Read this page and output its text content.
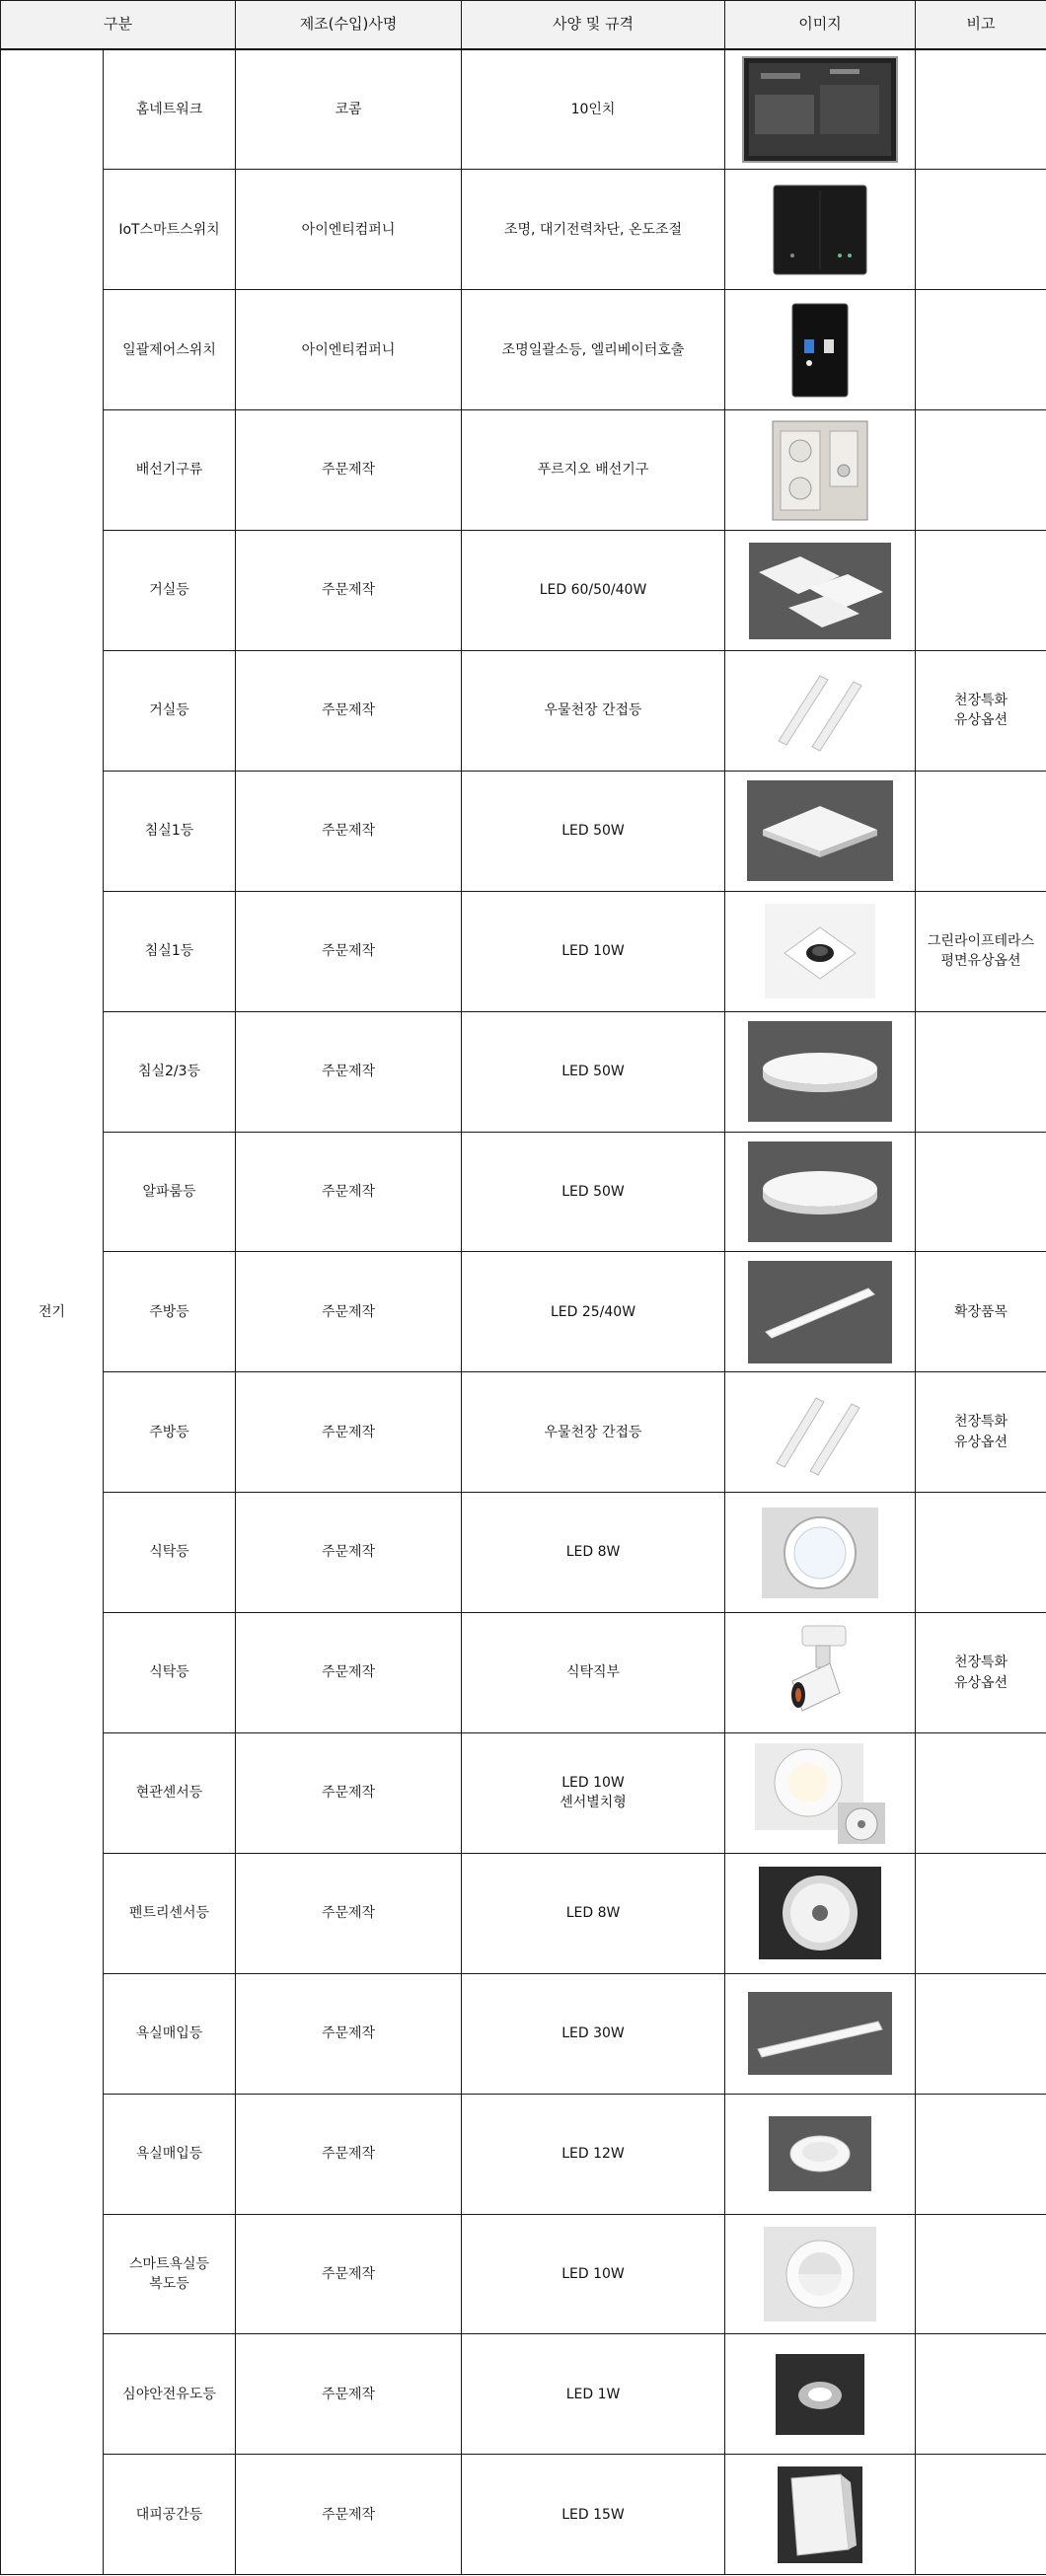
구분		제조(수입)사명	사양 및 규격	이미지	비고
전기	홈네트워크	코콤	10인치	

	IoT스마트스위치	아이엔티컴퍼니	조명, 대기전력차단, 온도조절	

	일괄제어스위치	아이엔티컴퍼니	조명일괄소등, 엘리베이터호출	

	배선기구류	주문제작	푸르지오 배선기구	

	거실등	주문제작	LED 60/50/40W	

	거실등	주문제작	우물천장 간접등		천장특화
유상옵션
	침실1등	주문제작	LED 50W	

	침실1등	주문제작	LED 10W		그린라이프테라스
평면유상옵션
	침실2/3등	주문제작	LED 50W	

	알파룸등	주문제작	LED 50W	

	주방등	주문제작	LED 25/40W		확장품목
	주방등	주문제작	우물천장 간접등		천장특화
유상옵션
	식탁등	주문제작	LED 8W	

	식탁등	주문제작	식탁직부		천장특화
유상옵션
	현관센서등	주문제작	LED 10W
센서별치형	

	펜트리센서등	주문제작	LED 8W	

	욕실매입등	주문제작	LED 30W	

	욕실매입등	주문제작	LED 12W	

	스마트욕실등
복도등	주문제작	LED 10W	

	심야안전유도등	주문제작	LED 1W	

	대피공간등	주문제작	LED 15W	
